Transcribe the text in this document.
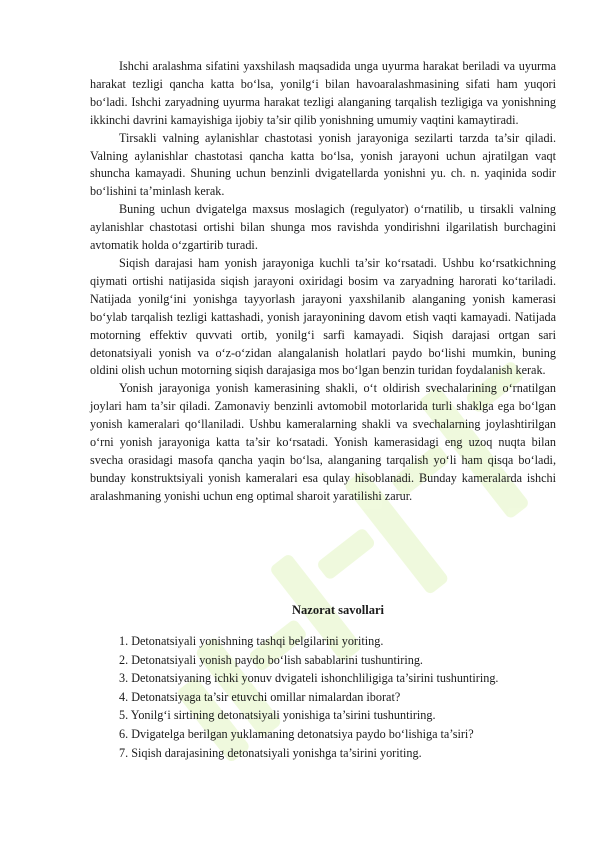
Ishchi aralashma sifatini yaxshilash maqsadida unga uyurma harakat beriladi va uyurma harakat tezligi qancha katta bo‘lsa, yonilg‘i bilan havoaralashmasining sifati ham yuqori bo‘ladi. Ishchi zaryadning uyurma harakat tezligi alanganing tarqalish tezligiga va yonishning ikkinchi davrini kamayishiga ijobiy ta’sir qilib yonishning umumiy vaqtini kamaytiradi.

Tirsakli valning aylanishlar chastotasi yonish jarayoniga sezilarti tarzda ta’sir qiladi. Valning aylanishlar chastotasi qancha katta bo‘lsa, yonish jarayoni uchun ajratilgan vaqt shuncha kamayadi. Shuning uchun benzinli dvigatellarda yonishni yu. ch. n. yaqinida sodir bo‘lishini ta’minlash kerak.

Buning uchun dvigatelga maxsus moslagich (regulyator) o‘rnatilib, u tirsakli valning aylanishlar chastotasi ortishi bilan shunga mos ravishda yondirishni ilgarilatish burchagini avtomatik holda o‘zgartirib turadi.

Siqish darajasi ham yonish jarayoniga kuchli ta’sir ko‘rsatadi. Ushbu ko‘rsatkichning qiymati ortishi natijasida siqish jarayoni oxiridagi bosim va zaryadning harorati ko‘tariladi. Natijada yonilg‘ini yonishga tayyorlash jarayoni yaxshilanib alanganing yonish kamerasi bo‘ylab tarqalish tezligi kattashadi, yonish jarayonining davom etish vaqti kamayadi. Natijada motorning effektiv quvvati ortib, yonilg‘i sarfi kamayadi. Siqish darajasi ortgan sari detonatsiyali yonish va o‘z-o‘zidan alangalanish holatlari paydo bo‘lishi mumkin, buning oldini olish uchun motorning siqish darajasiga mos bo‘lgan benzin turidan foydalanish kerak.

Yonish jarayoniga yonish kamerasining shakli, o‘t oldirish svechalarining o‘rnatilgan joylari ham ta’sir qiladi. Zamonaviy benzinli avtomobil motorlarida turli shaklga ega bo‘lgan yonish kameralari qo‘llaniladi. Ushbu kameralarning shakli va svechalarning joylashtirilgan o‘rni yonish jarayoniga katta ta’sir ko‘rsatadi. Yonish kamerasidagi eng uzoq nuqta bilan svecha orasidagi masofa qancha yaqin bo‘lsa, alanganing tarqalish yo‘li ham qisqa bo‘ladi, bunday konstruktsiyali yonish kameralari esa qulay hisoblanadi. Bunday kameralarda ishchi aralashmaning yonishi uchun eng optimal sharoit yaratilishi zarur.

Nazorat savollari
1. Detonatsiyali yonishning tashqi belgilarini yoriting.
2. Detonatsiyali yonish paydo bo‘lish sabablarini tushuntiring.
3. Detonatsiyaning ichki yonuv dvigateli ishonchliligiga ta’sirini tushuntiring.
4. Detonatsiyaga ta’sir etuvchi omillar nimalardan iborat?
5. Yonilg‘i sirtining detonatsiyali yonishiga ta’sirini tushuntiring.
6. Dvigatelga berilgan yuklamaning detonatsiya paydo bo‘lishiga ta’siri?
7. Siqish darajasining detonatsiyali yonishga ta’sirini yoriting.
